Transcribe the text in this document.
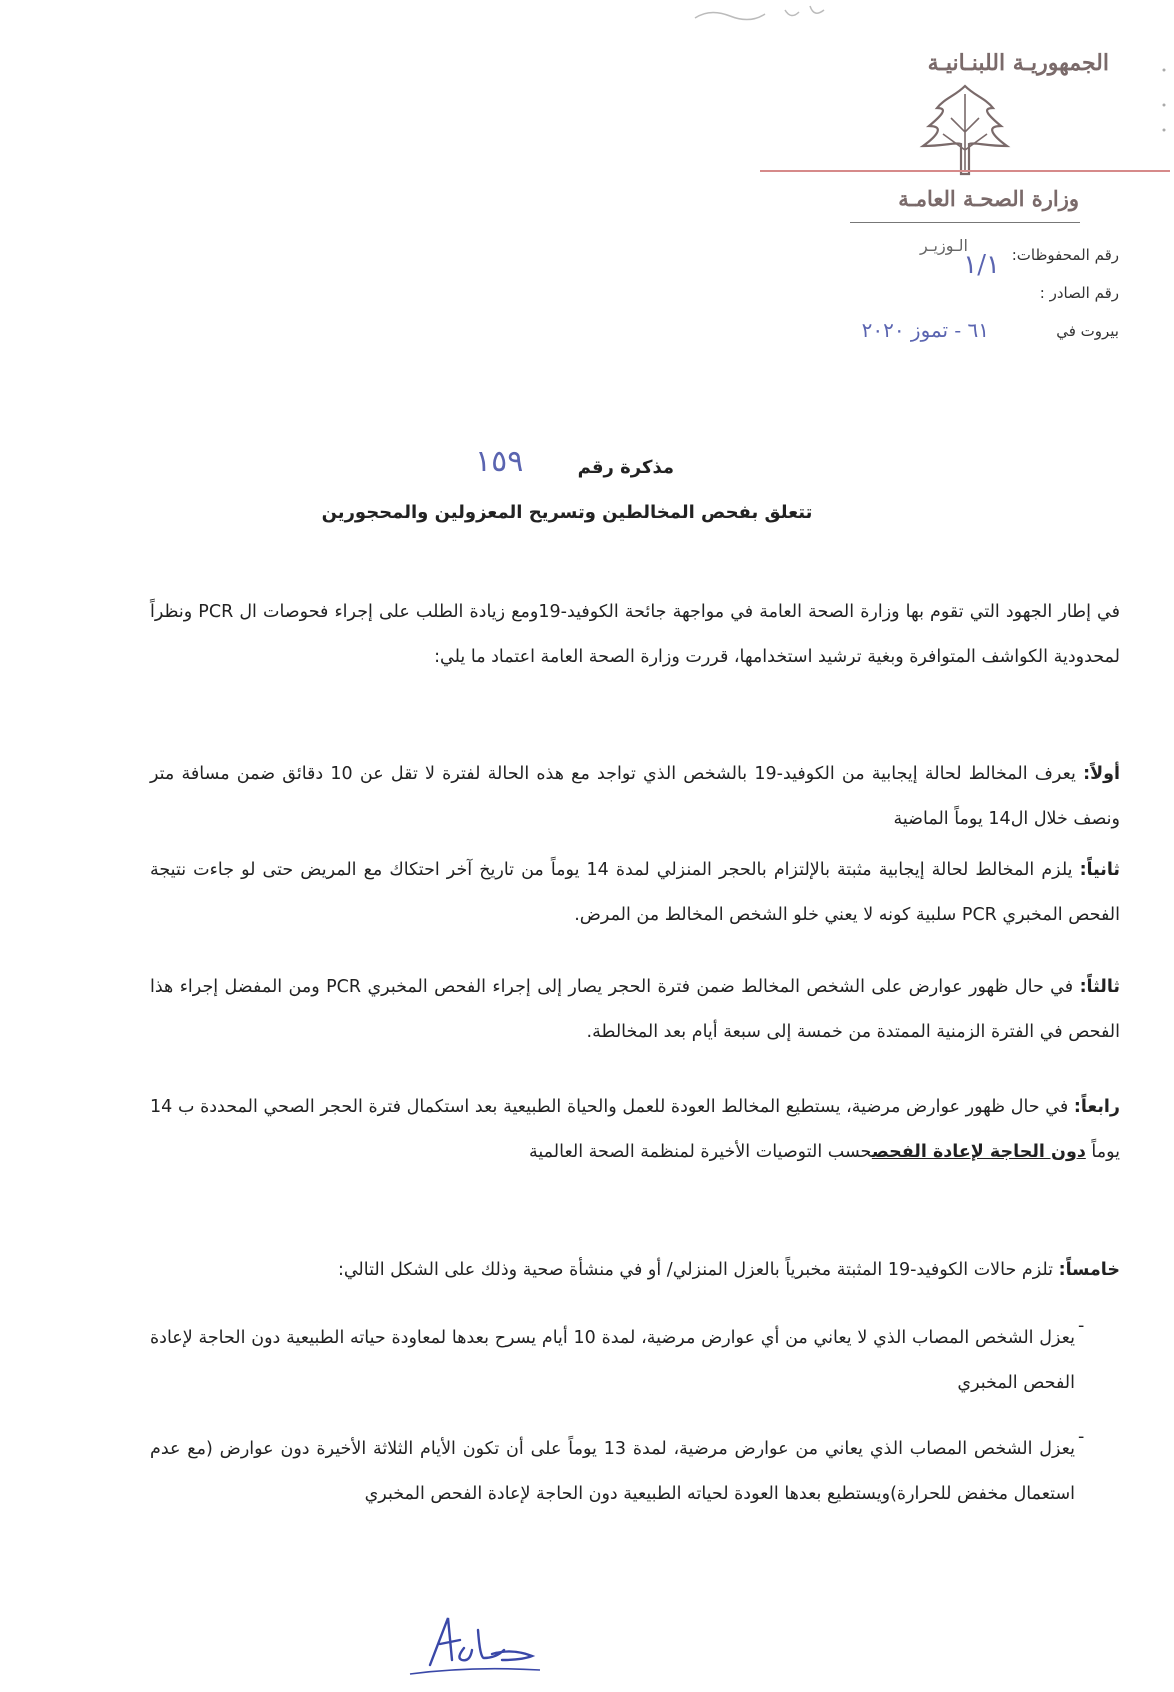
الجمهوريـة اللبنـانيـة
وزارة الصحـة العامـة
الـوزيـر	رقم المحفوظات:
١/١
رقم الصادر :
بيروت في
٦١ - تموز ٢٠٢٠
مذكرة رقم
١٥٩
تتعلق بفحص المخالطين وتسريح المعزولين والمحجورين
في إطار الجهود التي تقوم بها وزارة الصحة العامة في مواجهة جائحة الكوفيد-19ومع زيادة الطلب على إجراء فحوصات ال PCR ونظراً لمحدودية الكواشف المتوافرة وبغية ترشيد استخدامها، قررت وزارة الصحة العامة اعتماد ما يلي:
أولاً: يعرف المخالط لحالة إيجابية من الكوفيد-19 بالشخص الذي تواجد مع هذه الحالة لفترة لا تقل عن 10 دقائق ضمن مسافة متر ونصف خلال ال14 يوماً الماضية
ثانياً: يلزم المخالط لحالة إيجابية مثبتة بالإلتزام بالحجر المنزلي لمدة 14 يوماً من تاريخ آخر احتكاك مع المريض حتى لو جاءت نتيجة الفحص المخبري PCR سلبية كونه لا يعني خلو الشخص المخالط من المرض.
ثالثاً: في حال ظهور عوارض على الشخص المخالط ضمن فترة الحجر يصار إلى إجراء الفحص المخبري PCR ومن المفضل إجراء هذا الفحص في الفترة الزمنية الممتدة من خمسة إلى سبعة أيام بعد المخالطة.
رابعاً: في حال ظهور عوارض مرضية، يستطيع المخالط العودة للعمل والحياة الطبيعية بعد استكمال فترة الحجر الصحي المحددة ب 14 يوماً دون الحاجة لإعادة الفحصحسب التوصيات الأخيرة لمنظمة الصحة العالمية
خامساً: تلزم حالات الكوفيد-19 المثبتة مخبرياً بالعزل المنزلي/ أو في منشأة صحية وذلك على الشكل التالي:
-
يعزل الشخص المصاب الذي لا يعاني من أي عوارض مرضية، لمدة 10 أيام يسرح بعدها لمعاودة حياته الطبيعية دون الحاجة لإعادة الفحص المخبري
-
يعزل الشخص المصاب الذي يعاني من عوارض مرضية، لمدة 13 يوماً على أن تكون الأيام الثلاثة الأخيرة دون عوارض (مع عدم استعمال مخفض للحرارة)ويستطيع بعدها العودة لحياته الطبيعية دون الحاجة لإعادة الفحص المخبري
